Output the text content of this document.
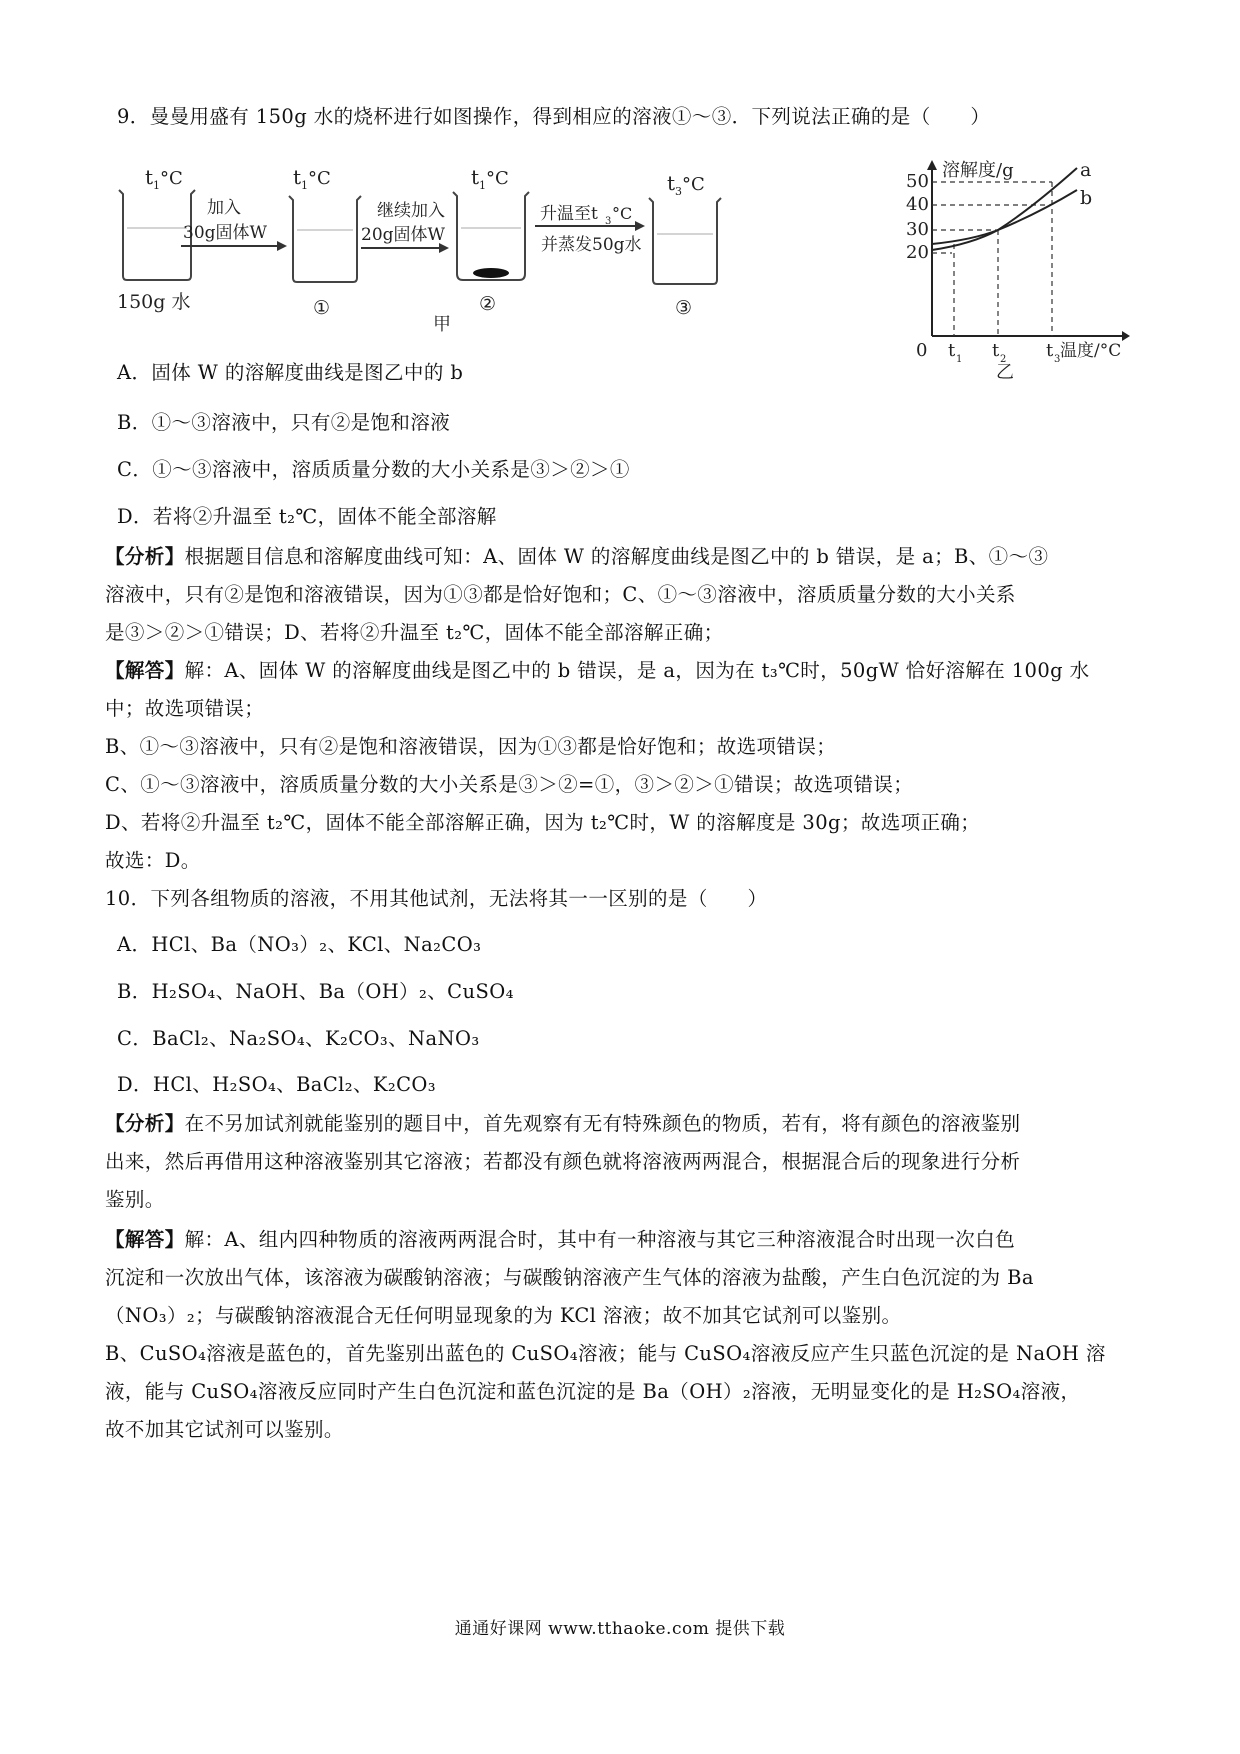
9．曼曼用盛有 150g 水的烧杯进行如图操作，得到相应的溶液①～③．下列说法正确的是（　　）
t 1 °C
150g 水
加入
30g固体W
t 1 °C
①
继续加入
20g固体W
t 1 °C
②
升温至t 3 °C
并蒸发50g水
t 3 °C
③
甲
溶解度/g
0
50
40
30
20
a
b
t 1 t 2 t 3 温度/°C
乙
A．固体 W 的溶解度曲线是图乙中的 b
B．①～③溶液中，只有②是饱和溶液
C．①～③溶液中，溶质质量分数的大小关系是③＞②＞①
D．若将②升温至 t₂℃，固体不能全部溶解
【分析】根据题目信息和溶解度曲线可知：A、固体 W 的溶解度曲线是图乙中的 b 错误，是 a；B、①～③
溶液中，只有②是饱和溶液错误，因为①③都是恰好饱和；C、①～③溶液中，溶质质量分数的大小关系
是③＞②＞①错误；D、若将②升温至 t₂℃，固体不能全部溶解正确；
【解答】解：A、固体 W 的溶解度曲线是图乙中的 b 错误，是 a，因为在 t₃℃时，50gW 恰好溶解在 100g 水
中；故选项错误；
B、①～③溶液中，只有②是饱和溶液错误，因为①③都是恰好饱和；故选项错误；
C、①～③溶液中，溶质质量分数的大小关系是③＞②=①，③＞②＞①错误；故选项错误；
D、若将②升温至 t₂℃，固体不能全部溶解正确，因为 t₂℃时，W 的溶解度是 30g；故选项正确；
故选：D。
10．下列各组物质的溶液，不用其他试剂，无法将其一一区别的是（　　）
A．HCl、Ba（NO₃）₂、KCl、Na₂CO₃
B．H₂SO₄、NaOH、Ba（OH）₂、CuSO₄
C．BaCl₂、Na₂SO₄、K₂CO₃、NaNO₃
D．HCl、H₂SO₄、BaCl₂、K₂CO₃
【分析】在不另加试剂就能鉴别的题目中，首先观察有无有特殊颜色的物质，若有，将有颜色的溶液鉴别
出来，然后再借用这种溶液鉴别其它溶液；若都没有颜色就将溶液两两混合，根据混合后的现象进行分析
鉴别。
【解答】解：A、组内四种物质的溶液两两混合时，其中有一种溶液与其它三种溶液混合时出现一次白色
沉淀和一次放出气体，该溶液为碳酸钠溶液；与碳酸钠溶液产生气体的溶液为盐酸，产生白色沉淀的为 Ba
（NO₃）₂；与碳酸钠溶液混合无任何明显现象的为 KCl 溶液；故不加其它试剂可以鉴别。
B、CuSO₄溶液是蓝色的，首先鉴别出蓝色的 CuSO₄溶液；能与 CuSO₄溶液反应产生只蓝色沉淀的是 NaOH 溶
液，能与 CuSO₄溶液反应同时产生白色沉淀和蓝色沉淀的是 Ba（OH）₂溶液，无明显变化的是 H₂SO₄溶液，
故不加其它试剂可以鉴别。
通通好课网 www.tthaoke.com 提供下载
